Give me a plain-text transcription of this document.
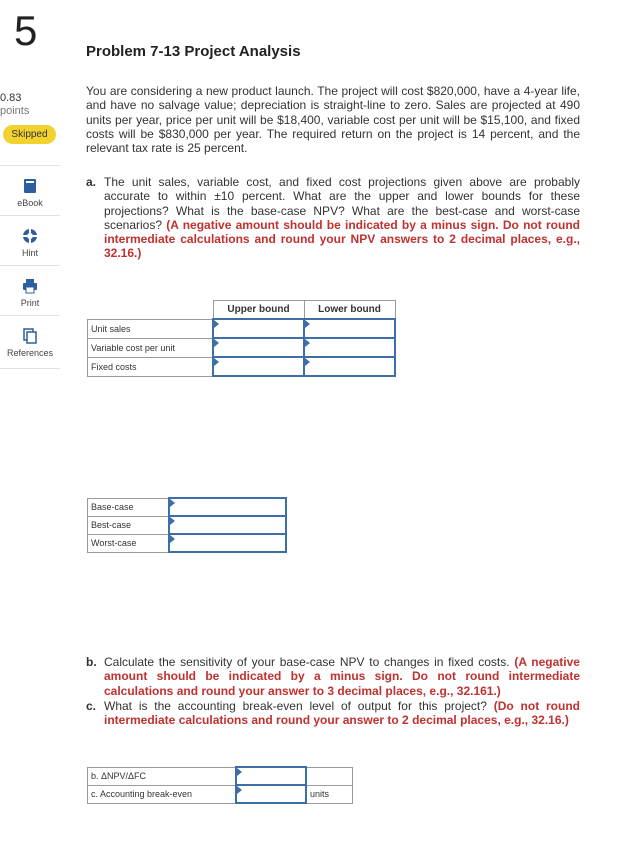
5
0.83
points
Skipped
eBook
Hint
Print
References
Problem 7-13 Project Analysis
You are considering a new product launch. The project will cost $820,000, have a 4-year life, and have no salvage value; depreciation is straight-line to zero. Sales are projected at 490 units per year, price per unit will be $18,400, variable cost per unit will be $15,100, and fixed costs will be $830,000 per year. The required return on the project is 14 percent, and the relevant tax rate is 25 percent.
a. The unit sales, variable cost, and fixed cost projections given above are probably accurate to within ±10 percent. What are the upper and lower bounds for these projections? What is the base-case NPV? What are the best-case and worst-case scenarios? (A negative amount should be indicated by a minus sign. Do not round intermediate calculations and round your NPV answers to 2 decimal places, e.g., 32.16.)
	Upper bound	Lower bound
Unit sales		
Variable cost per unit		
Fixed costs		
Base-case	
Best-case	
Worst-case	
b. Calculate the sensitivity of your base-case NPV to changes in fixed costs. (A negative amount should be indicated by a minus sign. Do not round intermediate calculations and round your answer to 3 decimal places, e.g., 32.161.)
c. What is the accounting break-even level of output for this project? (Do not round intermediate calculations and round your answer to 2 decimal places, e.g., 32.16.)
b. ΔNPV/ΔFC		
c. Accounting break-even		units
